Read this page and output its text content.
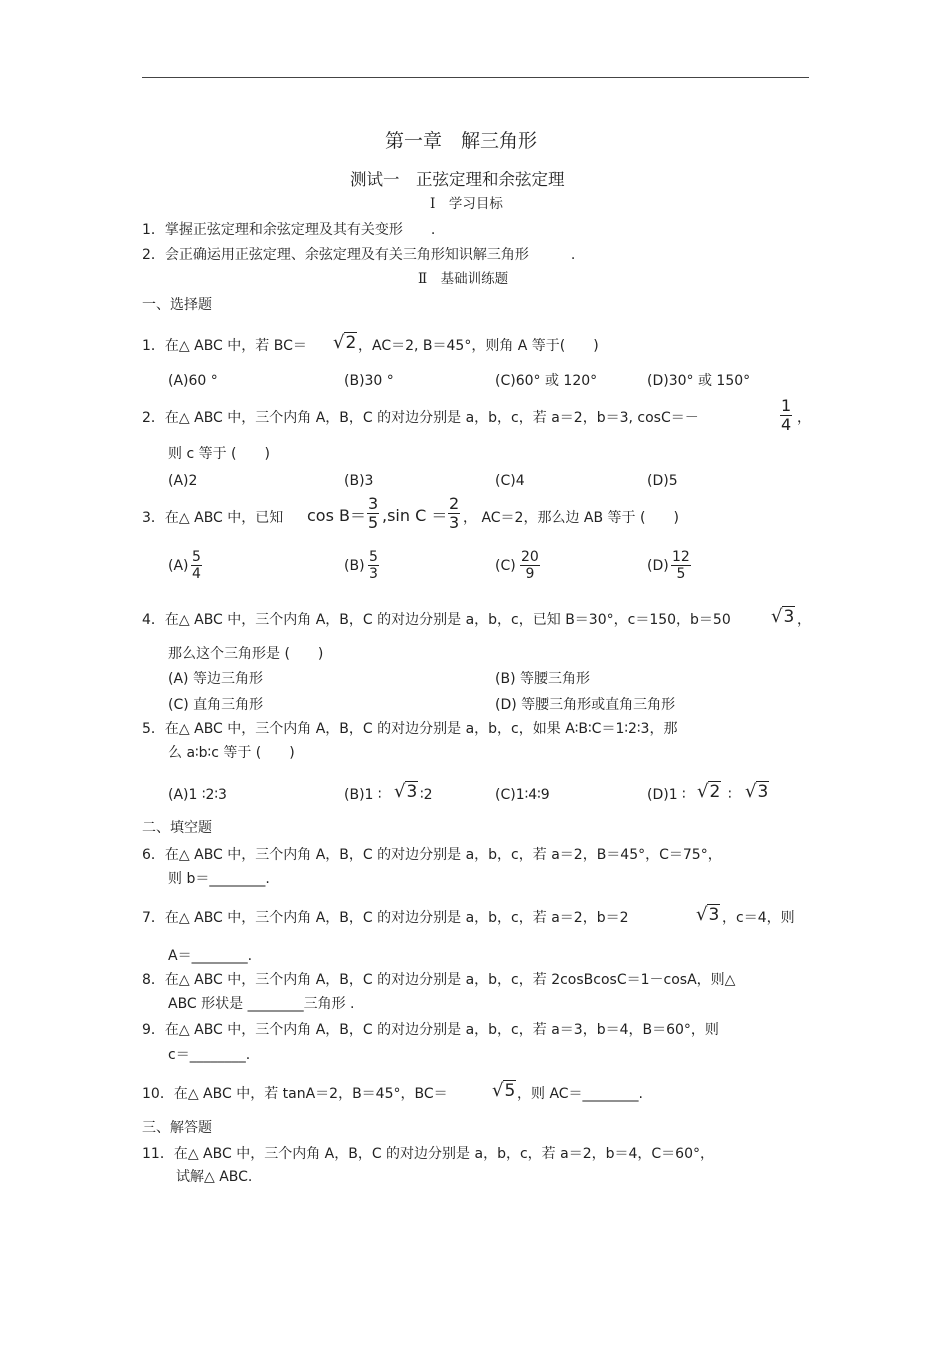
第一章　解三角形
测试一　正弦定理和余弦定理
Ⅰ　学习目标
1．掌握正弦定理和余弦定理及其有关变形　　.
2．会正确运用正弦定理、余弦定理及有关三角形知识解三角形　　　.
Ⅱ　基础训练题
一、选择题
1．在△ ABC 中，若 BC＝ √2 ，AC＝2, B＝45°，则角 A 等于(　　)
(A)60 °	(B)30 °	(C)60° 或 120°	(D)30° 或 150°
2．在△ ABC 中，三个内角 A，B，C 的对边分别是 a，b，c，若 a＝2，b＝3, cosC＝－	$\frac{1}{4}$ ，
则 c 等于 (　　)
(A)2	(B)3	(C)4	(D)5
3．在△ ABC 中，已知 $\cos B= \frac{3}{5} ,\sin$ $C = \frac{2}{3}$ ， AC＝2，那么边 AB 等于 (　　)
$(A) \frac{5}{4}$	$(B) \frac{5}{3}$	$(C) \frac{20}{9}$	$(D) \frac{12}{5}$
4．在△ ABC 中，三个内角 A，B，C 的对边分别是 a，b，c，已知 B＝30°，c＝150，b＝50 √3 ，
那么这个三角形是 (　　)
(A) 等边三角形	(B) 等腰三角形
(C) 直角三角形	(D) 等腰三角形或直角三角形
5．在△ ABC 中，三个内角 A，B，C 的对边分别是 a，b，c，如果 A∶B∶C＝1∶2∶3，那
么 a∶b∶c 等于 (　　)
(A)1 ∶2∶3	(B)1 ∶ √3 ∶2	(C)1∶4∶9	(D)1 ∶ √2 ∶ √3
二、填空题
6．在△ ABC 中，三个内角 A，B，C 的对边分别是 a，b，c，若 a＝2，B＝45°，C＝75°，
则 b＝________.
7．在△ ABC 中，三个内角 A，B，C 的对边分别是 a，b，c，若 a＝2，b＝2	√3 ，c＝4，则
A＝________.
8．在△ ABC 中，三个内角 A，B，C 的对边分别是 a，b，c，若 2cosBcosC＝1－cosA，则△
ABC 形状是 ________三角形 .
9．在△ ABC 中，三个内角 A，B，C 的对边分别是 a，b，c，若 a＝3，b＝4，B＝60°，则
c＝________.
10．在△ ABC 中，若 tanA＝2，B＝45°，BC＝ √5 ，则 AC＝________.
三、解答题
11．在△ ABC 中，三个内角 A，B，C 的对边分别是 a，b，c，若 a＝2，b＝4，C＝60°，
试解△ ABC.
